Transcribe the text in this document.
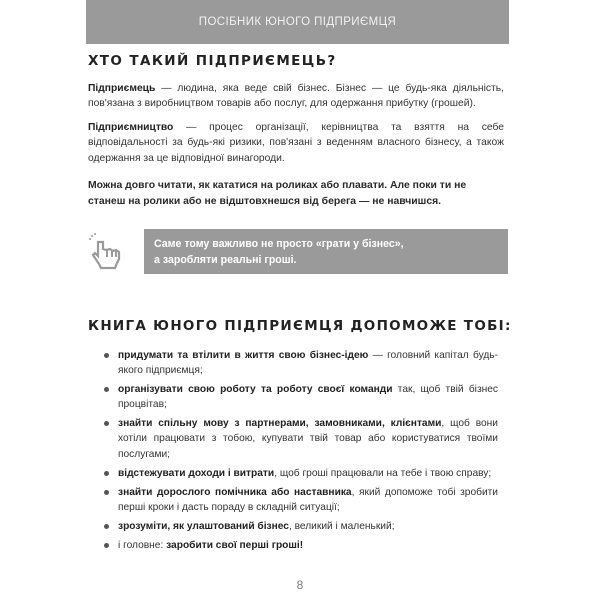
ПОСІБНИК ЮНОГО ПІДПРИЄМЦЯ
ХТО ТАКИЙ ПІДПРИЄМЕЦЬ?

Підприємець — людина, яка веде свій бізнес. Бізнес — це будь-яка діяльність, пов'язана з виробництвом товарів або послуг, для одержання прибутку (грошей).

Підприємництво — процес організації, керівництва та взяття на себе відповідальності за будь-які ризики, пов'язані з веденням власного бізнесу, а також одержання за це відповідної винагороди.

Можна довго читати, як кататися на роликах або плавати. Але поки ти не станеш на ролики або не відштовхнешся від берега — не навчишся.

Саме тому важливо не просто «грати у бізнес»,
а заробляти реальні гроші.
КНИГА ЮНОГО ПІДПРИЄМЦЯ ДОПОМОЖЕ ТОБІ:
придумати та втілити в життя свою бізнес-ідею — головний капітал будь-якого підприємця;
організувати свою роботу та роботу своєї команди так, щоб твій бізнес процвітав;
знайти спільну мову з партнерами, замовниками, клієнтами, щоб вони хотіли працювати з тобою, купувати твій товар або користуватися твоїми послугами;
відстежувати доходи і витрати, щоб гроші працювали на тебе і твою справу;
знайти дорослого помічника або наставника, який допоможе тобі зробити перші кроки і дасть пораду в складній ситуації;
зрозуміти, як улаштований бізнес, великий і маленький;
і головне: заробити свої перші гроші!
8
